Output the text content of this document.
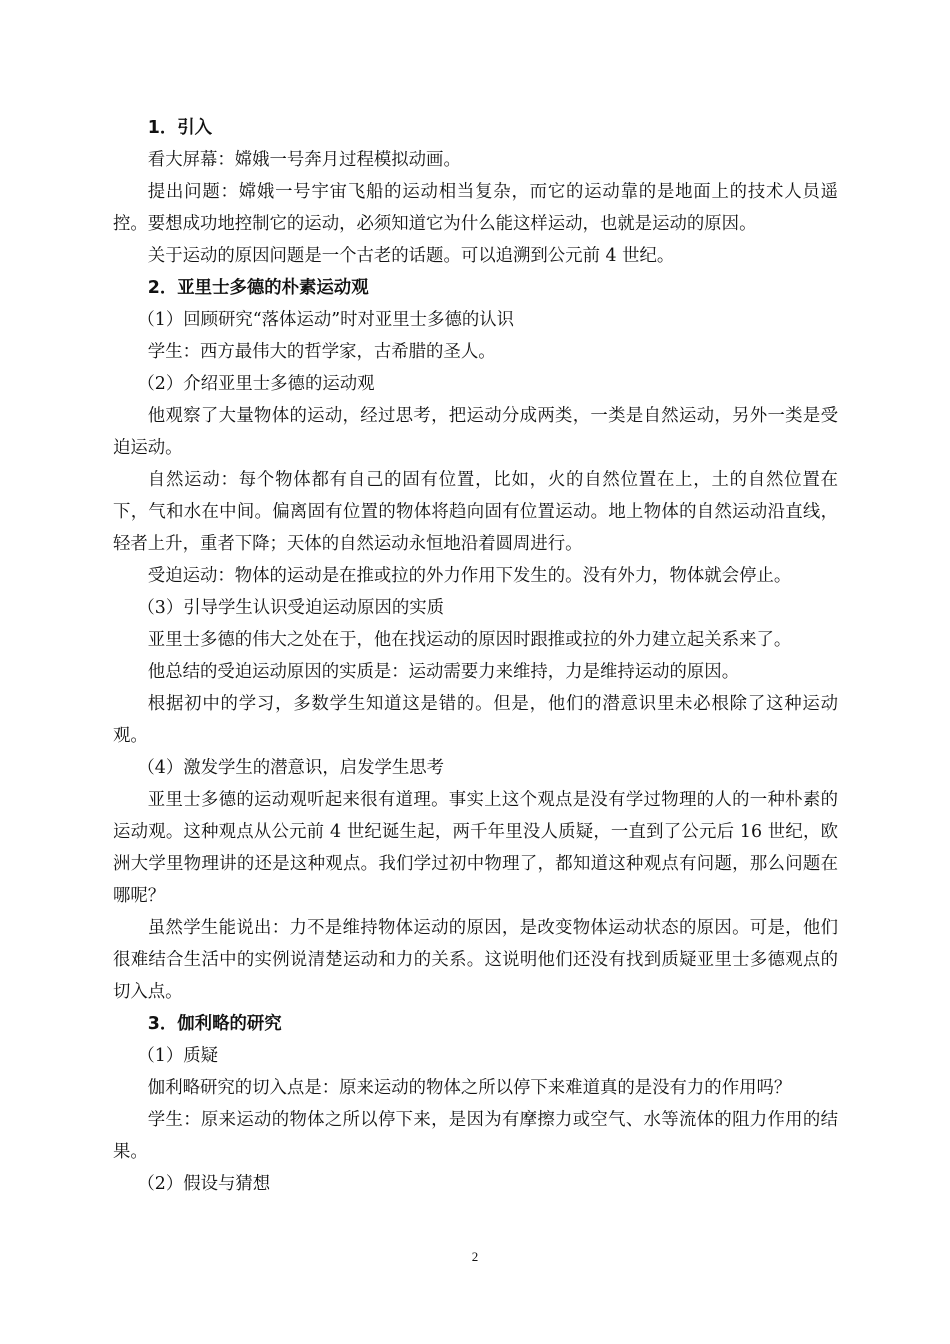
1．引入

看大屏幕：嫦娥一号奔月过程模拟动画。

提出问题：嫦娥一号宇宙飞船的运动相当复杂，而它的运动靠的是地面上的技术人员遥控。要想成功地控制它的运动，必须知道它为什么能这样运动，也就是运动的原因。

关于运动的原因问题是一个古老的话题。可以追溯到公元前 4 世纪。

2．亚里士多德的朴素运动观

（1）回顾研究“落体运动”时对亚里士多德的认识

学生：西方最伟大的哲学家，古希腊的圣人。

（2）介绍亚里士多德的运动观

他观察了大量物体的运动，经过思考，把运动分成两类，一类是自然运动，另外一类是受迫运动。

自然运动：每个物体都有自己的固有位置，比如，火的自然位置在上，土的自然位置在下，气和水在中间。偏离固有位置的物体将趋向固有位置运动。地上物体的自然运动沿直线，轻者上升，重者下降；天体的自然运动永恒地沿着圆周进行。

受迫运动：物体的运动是在推或拉的外力作用下发生的。没有外力，物体就会停止。

（3）引导学生认识受迫运动原因的实质

亚里士多德的伟大之处在于，他在找运动的原因时跟推或拉的外力建立起关系来了。

他总结的受迫运动原因的实质是：运动需要力来维持，力是维持运动的原因。

根据初中的学习，多数学生知道这是错的。但是，他们的潜意识里未必根除了这种运动观。

（4）激发学生的潜意识，启发学生思考

亚里士多德的运动观听起来很有道理。事实上这个观点是没有学过物理的人的一种朴素的运动观。这种观点从公元前 4 世纪诞生起，两千年里没人质疑，一直到了公元后 16 世纪，欧洲大学里物理讲的还是这种观点。我们学过初中物理了，都知道这种观点有问题，那么问题在哪呢？

虽然学生能说出：力不是维持物体运动的原因，是改变物体运动状态的原因。可是，他们很难结合生活中的实例说清楚运动和力的关系。这说明他们还没有找到质疑亚里士多德观点的切入点。

3．伽利略的研究

（1）质疑

伽利略研究的切入点是：原来运动的物体之所以停下来难道真的是没有力的作用吗？

学生：原来运动的物体之所以停下来，是因为有摩擦力或空气、水等流体的阻力作用的结果。

（2）假设与猜想

2
